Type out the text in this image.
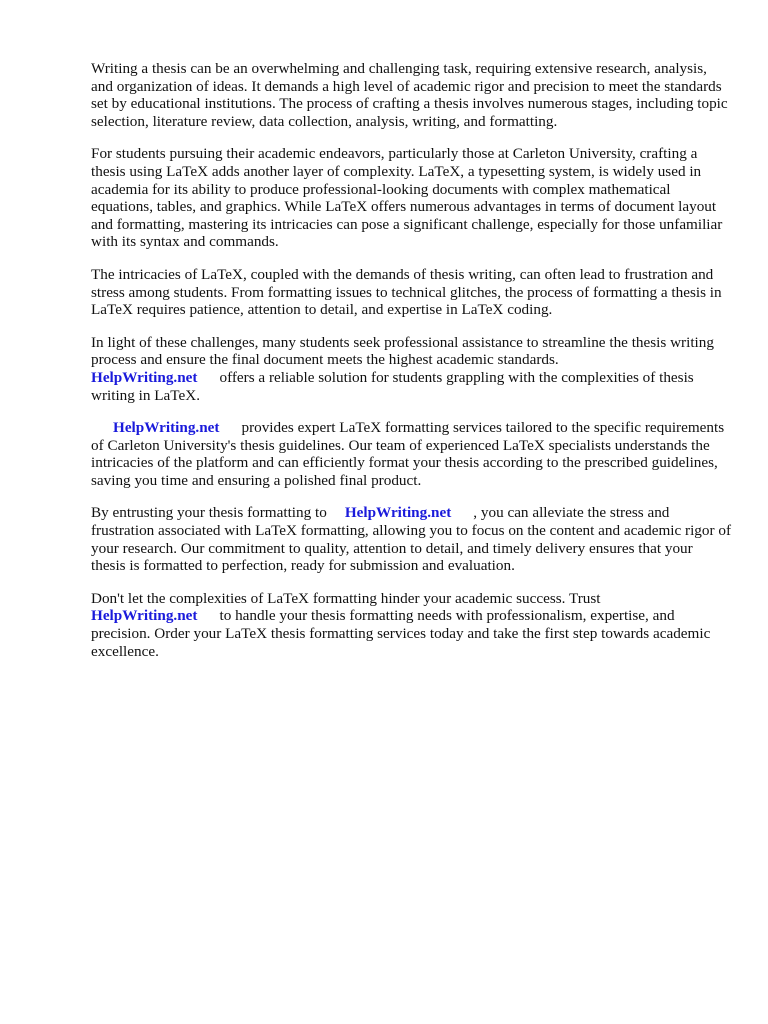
Writing a thesis can be an overwhelming and challenging task, requiring extensive research, analysis, and organization of ideas. It demands a high level of academic rigor and precision to meet the standards set by educational institutions. The process of crafting a thesis involves numerous stages, including topic selection, literature review, data collection, analysis, writing, and formatting.

For students pursuing their academic endeavors, particularly those at Carleton University, crafting a thesis using LaTeX adds another layer of complexity. LaTeX, a typesetting system, is widely used in academia for its ability to produce professional-looking documents with complex mathematical equations, tables, and graphics. While LaTeX offers numerous advantages in terms of document layout and formatting, mastering its intricacies can pose a significant challenge, especially for those unfamiliar with its syntax and commands.

The intricacies of LaTeX, coupled with the demands of thesis writing, can often lead to frustration and stress among students. From formatting issues to technical glitches, the process of formatting a thesis in LaTeX requires patience, attention to detail, and expertise in LaTeX coding.

In light of these challenges, many students seek professional assistance to streamline the thesis writing process and ensure the final document meets the highest academic standards.
HelpWriting.net offers a reliable solution for students grappling with the complexities of thesis writing in LaTeX.

HelpWriting.net provides expert LaTeX formatting services tailored to the specific requirements of Carleton University's thesis guidelines. Our team of experienced LaTeX specialists understands the intricacies of the platform and can efficiently format your thesis according to the prescribed guidelines, saving you time and ensuring a polished final product.

By entrusting your thesis formatting to HelpWriting.net , you can alleviate the stress and frustration associated with LaTeX formatting, allowing you to focus on the content and academic rigor of your research. Our commitment to quality, attention to detail, and timely delivery ensures that your thesis is formatted to perfection, ready for submission and evaluation.

Don't let the complexities of LaTeX formatting hinder your academic success. Trust
HelpWriting.net to handle your thesis formatting needs with professionalism, expertise, and precision. Order your LaTeX thesis formatting services today and take the first step towards academic excellence.
